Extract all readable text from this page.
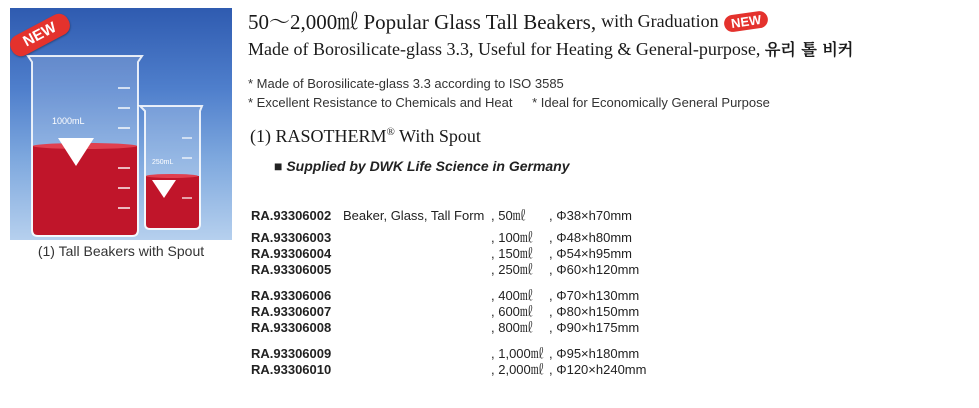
1000mL
250mL
NEW
(1) Tall Beakers with Spout
50～2,000㎖ Popular Glass Tall Beakers, with Graduation NEW
Made of Borosilicate-glass 3.3, Useful for Heating & General-purpose, 유리 톨 비커
* Made of Borosilicate-glass 3.3 according to ISO 3585
* Excellent Resistance to Chemicals and Heat * Ideal for Economically General Purpose
(1) RASOTHERM® With Spout
■ Supplied by DWK Life Science in Germany
RA.93306002 Beaker, Glass, Tall Form , 50㎖ , Φ38×h70mm
RA.93306003	, 100㎖ , Φ48×h80mm
RA.93306004	, 150㎖ , Φ54×h95mm
RA.93306005	, 250㎖ , Φ60×h120mm
RA.93306006	, 400㎖ , Φ70×h130mm
RA.93306007	, 600㎖ , Φ80×h150mm
RA.93306008	, 800㎖ , Φ90×h175mm
RA.93306009	, 1,000㎖ , Φ95×h180mm
RA.93306010	, 2,000㎖ , Φ120×h240mm
